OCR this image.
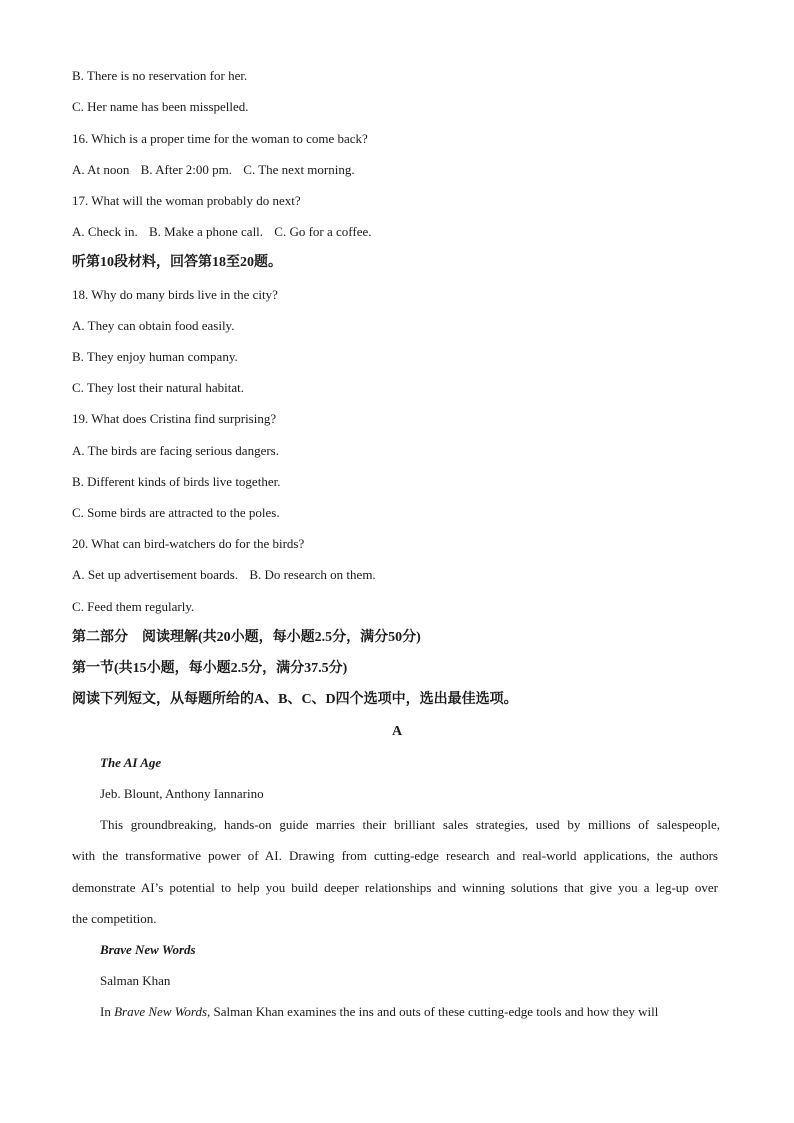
B. There is no reservation for her.
C. Her name has been misspelled.
16. Which is a proper time for the woman to come back?
A. At noon B. After 2:00 pm. C. The next morning.
17. What will the woman probably do next?
A. Check in. B. Make a phone call. C. Go for a coffee.
听第10段材料，回答第18至20题。
18. Why do many birds live in the city?
A. They can obtain food easily.
B. They enjoy human company.
C. They lost their natural habitat.
19. What does Cristina find surprising?
A. The birds are facing serious dangers.
B. Different kinds of birds live together.
C. Some birds are attracted to the poles.
20. What can bird-watchers do for the birds?
A. Set up advertisement boards. B. Do research on them.
C. Feed them regularly.
第二部分　阅读理解(共20小题，每小题2.5分，满分50分)
第一节(共15小题，每小题2.5分，满分37.5分)
阅读下列短文，从每题所给的A、B、C、D四个选项中，选出最佳选项。
A
The AI Age
Jeb. Blount, Anthony Iannarino
This groundbreaking, hands-on guide marries their brilliant sales strategies, used by millions of salespeople,
with the transformative power of AI. Drawing from cutting-edge research and real-world applications, the authors
demonstrate AI’s potential to help you build deeper relationships and winning solutions that give you a leg-up over
the competition.
Brave New Words
Salman Khan
In Brave New Words, Salman Khan examines the ins and outs of these cutting-edge tools and how they will
